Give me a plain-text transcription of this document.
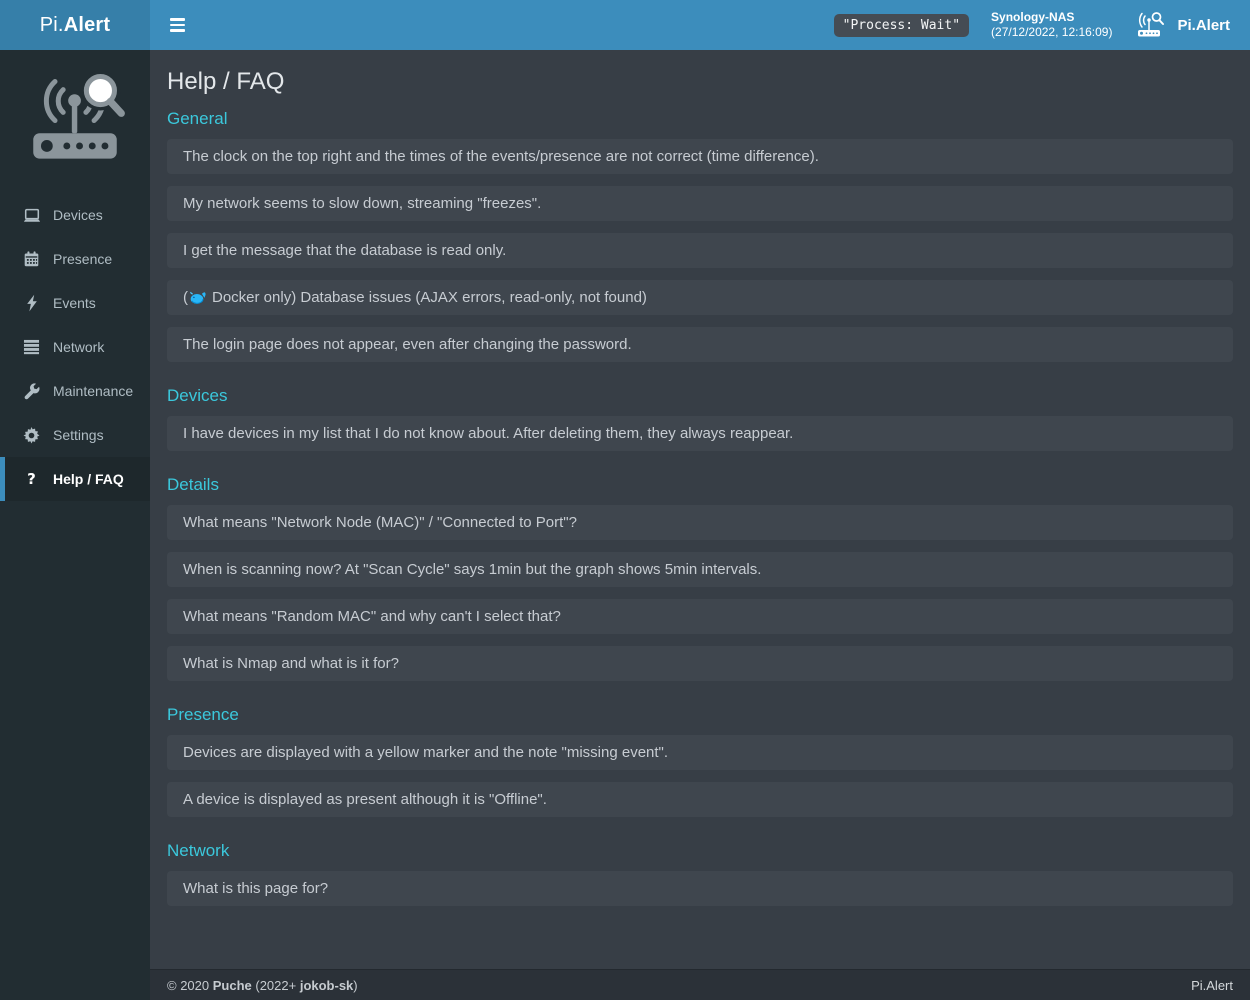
Pi. Alert	"Process: Wait"
Synology-NAS
(27/12/2022, 12:16:09)	Pi.Alert
Devices
Presence
Events
Network
Maintenance
Settings
? Help / FAQ
Help / FAQ
General
The clock on the top right and the times of the events/presence are not correct (time difference).
My network seems to slow down, streaming "freezes".
I get the message that the database is read only.
( Docker only) Database issues (AJAX errors, read-only, not found)
The login page does not appear, even after changing the password.
Devices
I have devices in my list that I do not know about. After deleting them, they always reappear.
Details
What means "Network Node (MAC)" / "Connected to Port"?
When is scanning now? At "Scan Cycle" says 1min but the graph shows 5min intervals.
What means "Random MAC" and why can't I select that?
What is Nmap and what is it for?
Presence
Devices are displayed with a yellow marker and the note "missing event".
A device is displayed as present although it is "Offline".
Network
What is this page for?
© 2020 Puche (2022+ jokob-sk)	Pi.Alert
